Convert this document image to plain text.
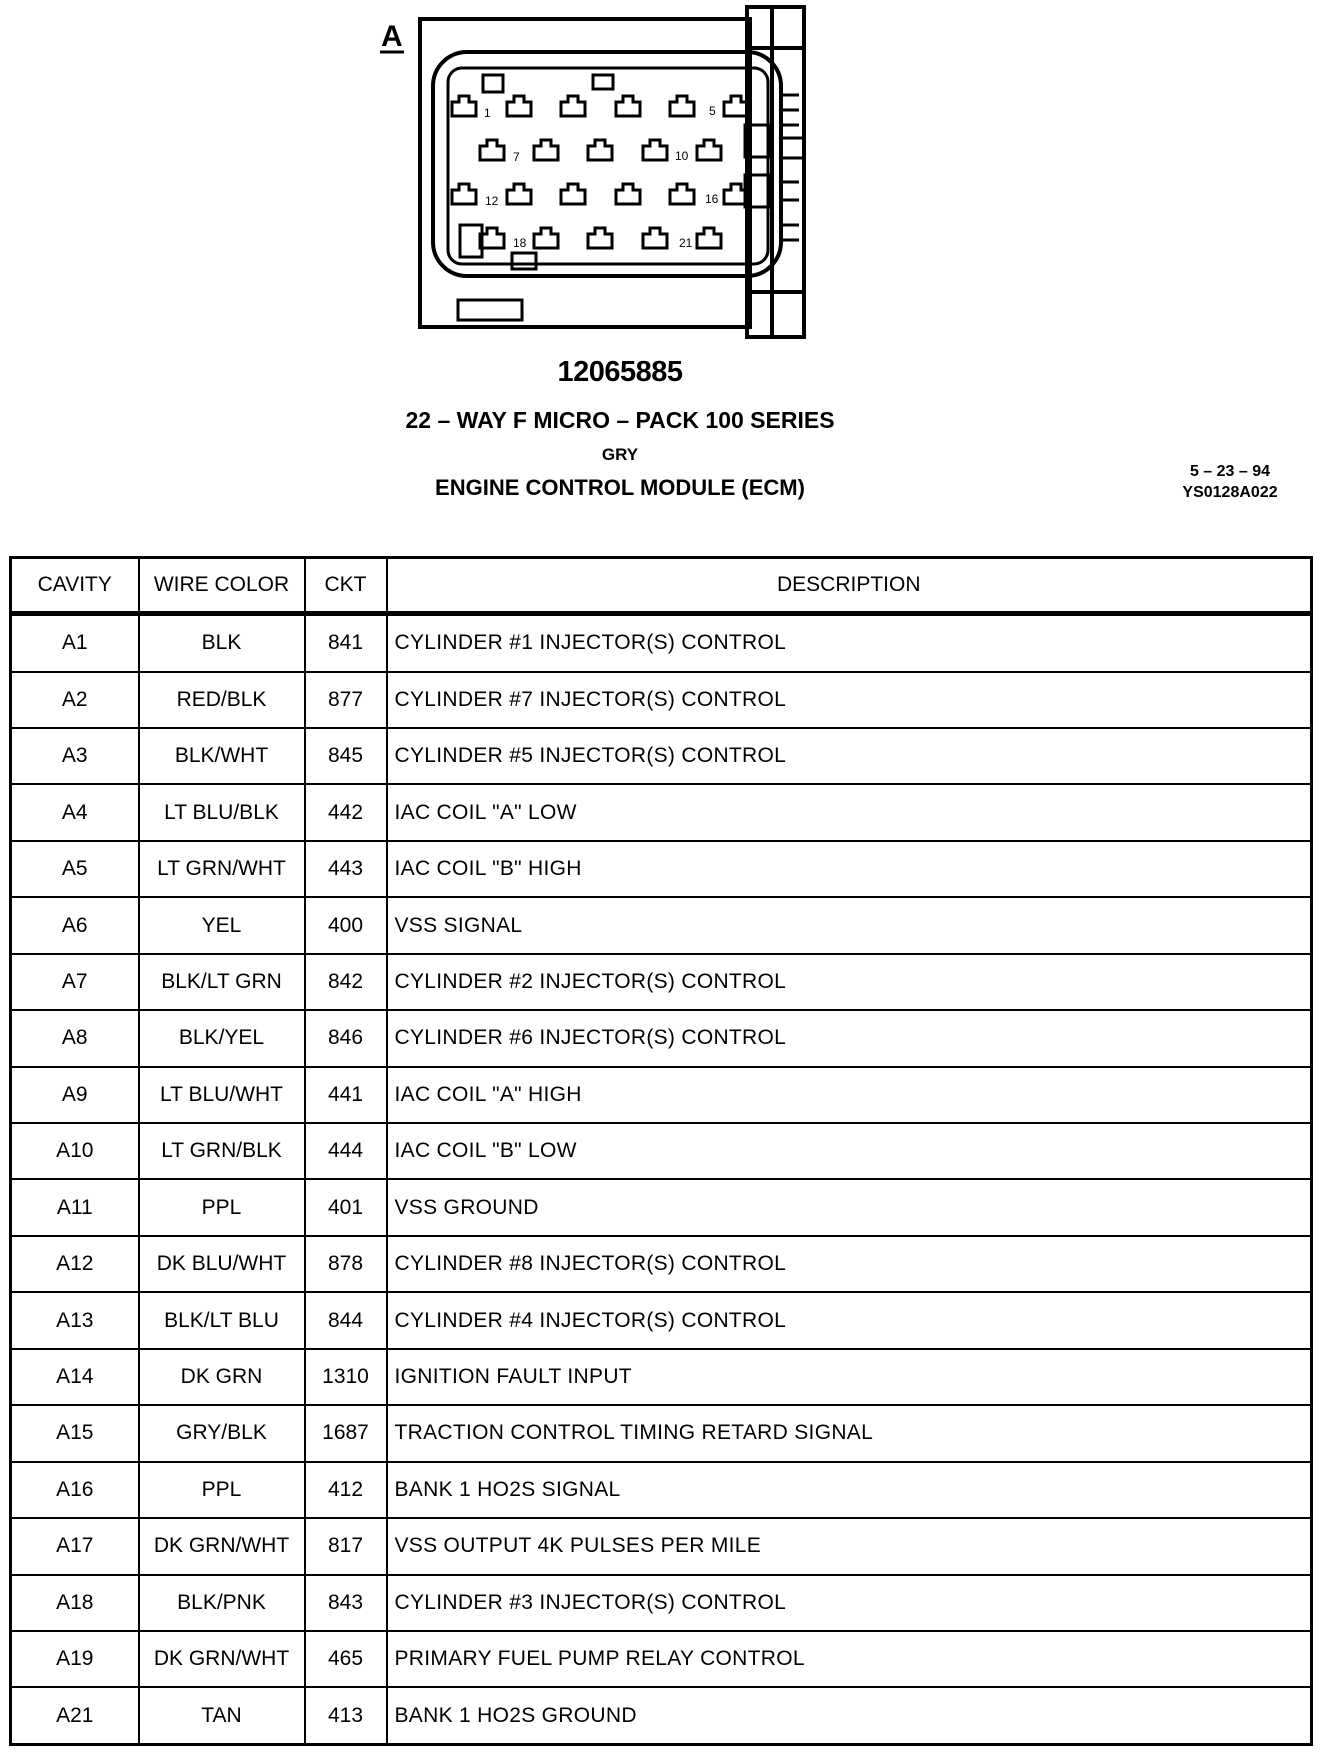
A
1	5
7	10
12	16
18	21
12065885
22 – WAY F MICRO – PACK 100 SERIES
GRY
ENGINE CONTROL MODULE (ECM)
5 – 23 – 94
YS0128A022
CAVITY	WIRE COLOR	CKT	DESCRIPTION
A1	BLK	841	CYLINDER #1 INJECTOR(S) CONTROL
A2	RED/BLK	877	CYLINDER #7 INJECTOR(S) CONTROL
A3	BLK/WHT	845	CYLINDER #5 INJECTOR(S) CONTROL
A4	LT BLU/BLK	442	IAC COIL "A" LOW
A5	LT GRN/WHT	443	IAC COIL "B" HIGH
A6	YEL	400	VSS SIGNAL
A7	BLK/LT GRN	842	CYLINDER #2 INJECTOR(S) CONTROL
A8	BLK/YEL	846	CYLINDER #6 INJECTOR(S) CONTROL
A9	LT BLU/WHT	441	IAC COIL "A" HIGH
A10	LT GRN/BLK	444	IAC COIL "B" LOW
A11	PPL	401	VSS GROUND
A12	DK BLU/WHT	878	CYLINDER #8 INJECTOR(S) CONTROL
A13	BLK/LT BLU	844	CYLINDER #4 INJECTOR(S) CONTROL
A14	DK GRN	1310	IGNITION FAULT INPUT
A15	GRY/BLK	1687	TRACTION CONTROL TIMING RETARD SIGNAL
A16	PPL	412	BANK 1 HO2S SIGNAL
A17	DK GRN/WHT	817	VSS OUTPUT 4K PULSES PER MILE
A18	BLK/PNK	843	CYLINDER #3 INJECTOR(S) CONTROL
A19	DK GRN/WHT	465	PRIMARY FUEL PUMP RELAY CONTROL
A21	TAN	413	BANK 1 HO2S GROUND
